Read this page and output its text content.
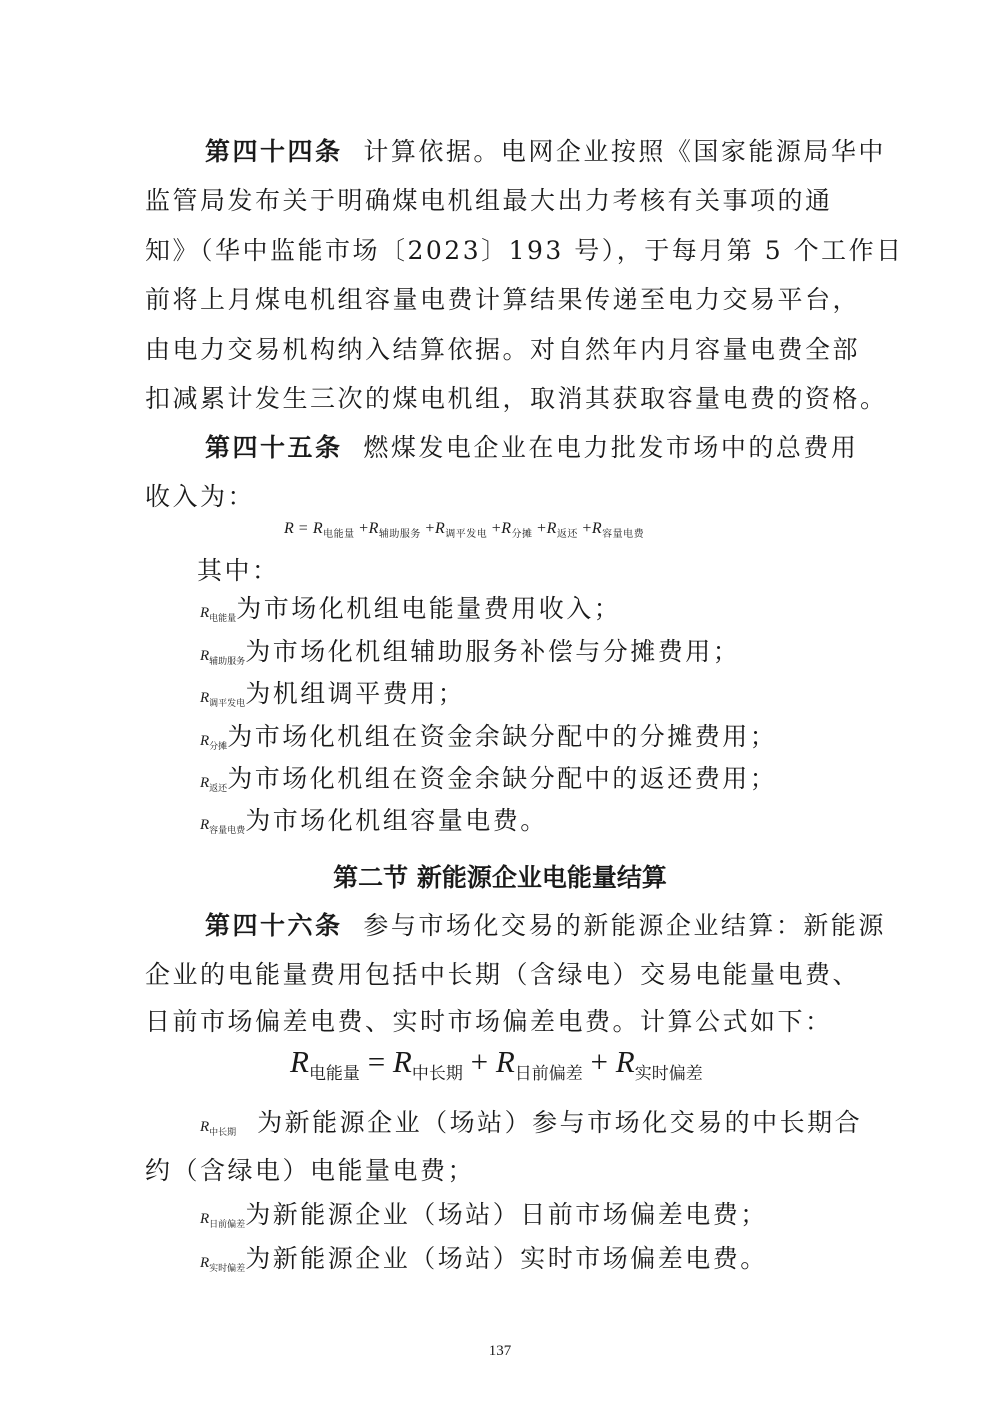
第四十四条 计算依据。电网企业按照《国家能源局华中
监管局发布关于明确煤电机组最大出力考核有关事项的通
知》（华中监能市场〔2023〕193 号），于每月第 5 个工作日
前将上月煤电机组容量电费计算结果传递至电力交易平台，
由电力交易机构纳入结算依据。对自然年内月容量电费全部
扣减累计发生三次的煤电机组，取消其获取容量电费的资格。
第四十五条 燃煤发电企业在电力批发市场中的总费用
收入为：
$R = R_{电能量} +R_{辅助服务} +R_{调平发电} +R_{分摊} +R_{返还} +R_{容量电费}$
其中：
$R_{电能量}$为市场化机组电能量费用收入；
$R_{辅助服务}$为市场化机组辅助服务补偿与分摊费用；
$R_{调平发电}$为机组调平费用；
$R_{分摊}$为市场化机组在资金余缺分配中的分摊费用；
$R_{返还}$为市场化机组在资金余缺分配中的返还费用；
$R_{容量电费}$为市场化机组容量电费。
第二节 新能源企业电能量结算
第四十六条 参与市场化交易的新能源企业结算：新能源
企业的电能量费用包括中长期（含绿电）交易电能量电费、
日前市场偏差电费、实时市场偏差电费。计算公式如下：
$R_{电能量} = R_{中长期} + R_{日前偏差} + R_{实时偏差}$
$R_{中长期}$ 为新能源企业（场站）参与市场化交易的中长期合
约（含绿电）电能量电费；
$R_{日前偏差}$为新能源企业（场站）日前市场偏差电费；
$R_{实时偏差}$为新能源企业（场站）实时市场偏差电费。
137
